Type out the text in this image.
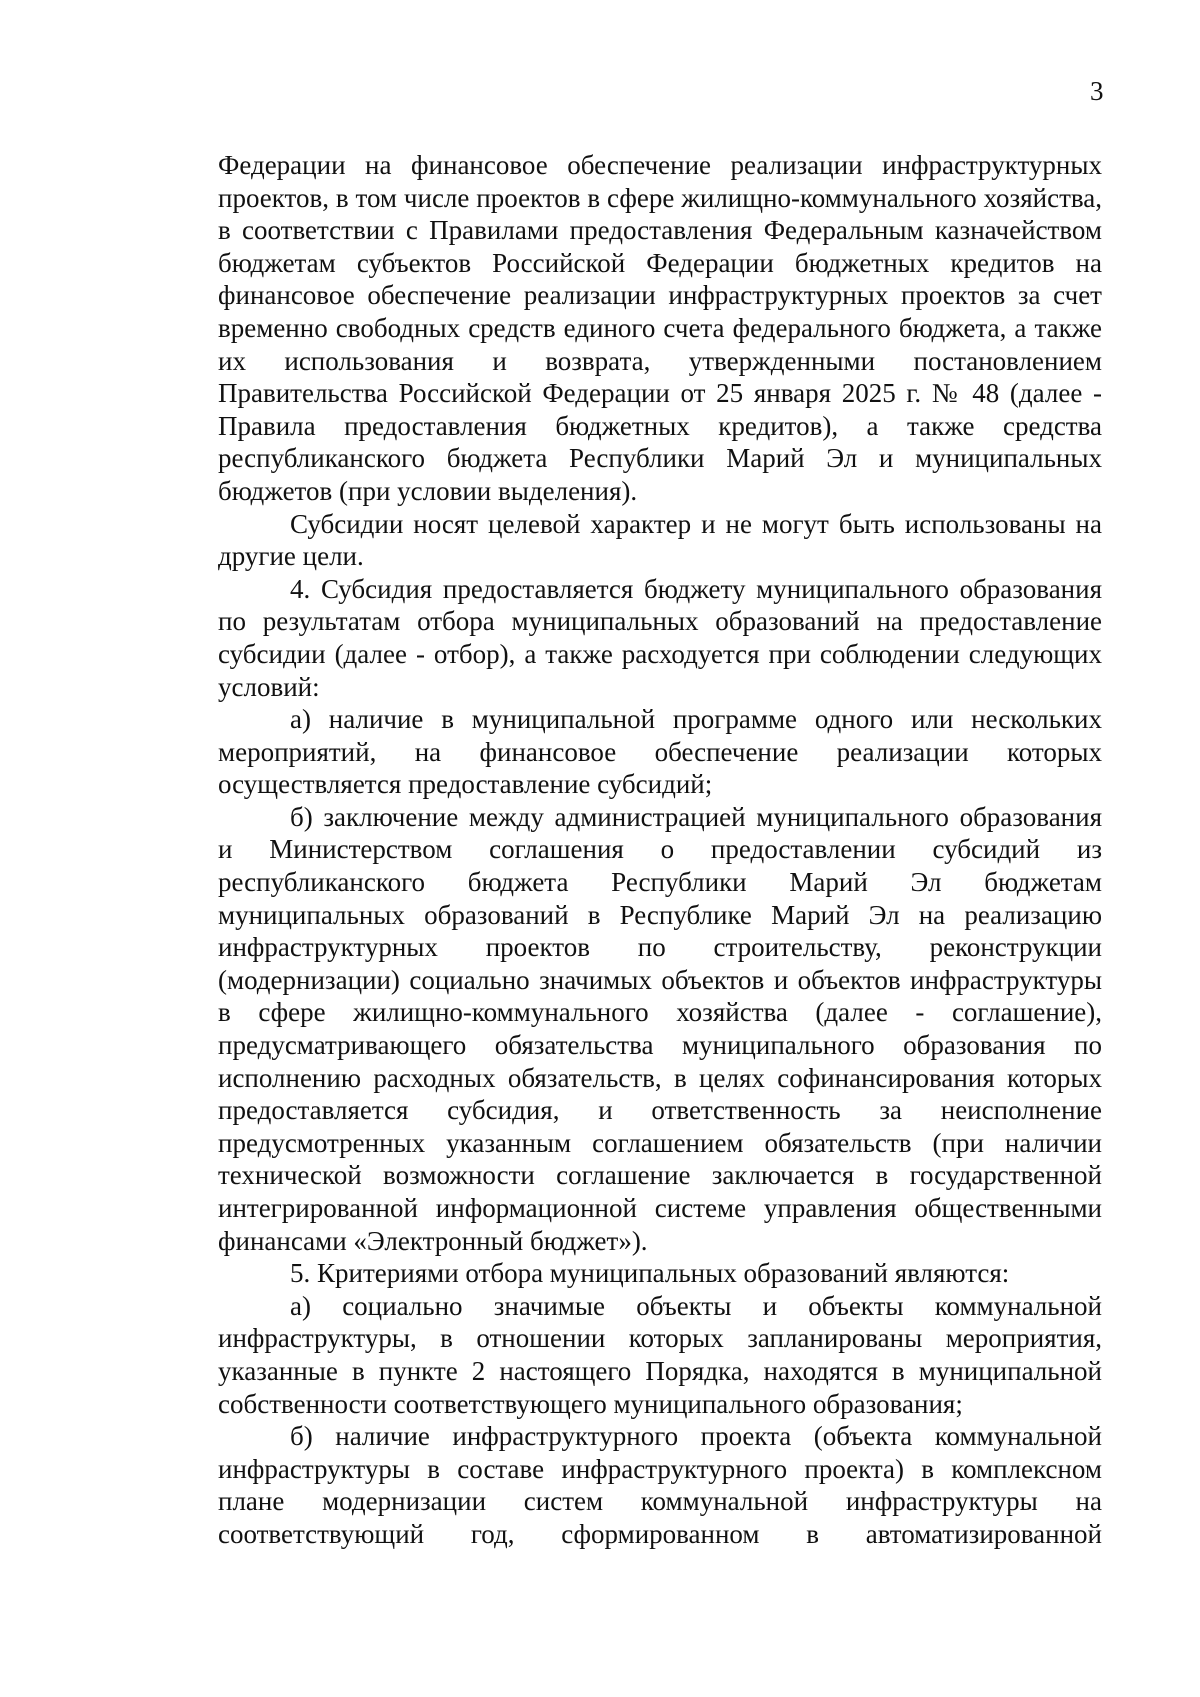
3

Федерации на финансовое обеспечение реализации инфраструктурных проектов, в том числе проектов в сфере жилищно-коммунального хозяйства, в соответствии с Правилами предоставления Федеральным казначейством бюджетам субъектов Российской Федерации бюджетных кредитов на финансовое обеспечение реализации инфраструктурных проектов за счет временно свободных средств единого счета федерального бюджета, а также их использования и возврата, утвержденными постановлением Правительства Российской Федерации от 25 января 2025 г. № 48 (далее - Правила предоставления бюджетных кредитов), а также средства республиканского бюджета Республики Марий Эл и муниципальных бюджетов (при условии выделения).

Субсидии носят целевой характер и не могут быть использованы на другие цели.

4. Субсидия предоставляется бюджету муниципального образования по результатам отбора муниципальных образований на предоставление субсидии (далее - отбор), а также расходуется при соблюдении следующих условий:

а) наличие в муниципальной программе одного или нескольких мероприятий, на финансовое обеспечение реализации которых осуществляется предоставление субсидий;

б) заключение между администрацией муниципального образования и Министерством соглашения о предоставлении субсидий из республиканского бюджета Республики Марий Эл бюджетам муниципальных образований в Республике Марий Эл на реализацию инфраструктурных проектов по строительству, реконструкции (модернизации) социально значимых объектов и объектов инфраструктуры в сфере жилищно-коммунального хозяйства (далее - соглашение), предусматривающего обязательства муниципального образования по исполнению расходных обязательств, в целях софинансирования которых предоставляется субсидия, и ответственность за неисполнение предусмотренных указанным соглашением обязательств (при наличии технической возможности соглашение заключается в государственной интегрированной информационной системе управления общественными финансами «Электронный бюджет»).

5. Критериями отбора муниципальных образований являются:

а) социально значимые объекты и объекты коммунальной инфраструктуры, в отношении которых запланированы мероприятия, указанные в пункте 2 настоящего Порядка, находятся в муниципальной собственности соответствующего муниципального образования;

б) наличие инфраструктурного проекта (объекта коммунальной инфраструктуры в составе инфраструктурного проекта) в комплексном плане модернизации систем коммунальной инфраструктуры на соответствующий год, сформированном в автоматизированной
